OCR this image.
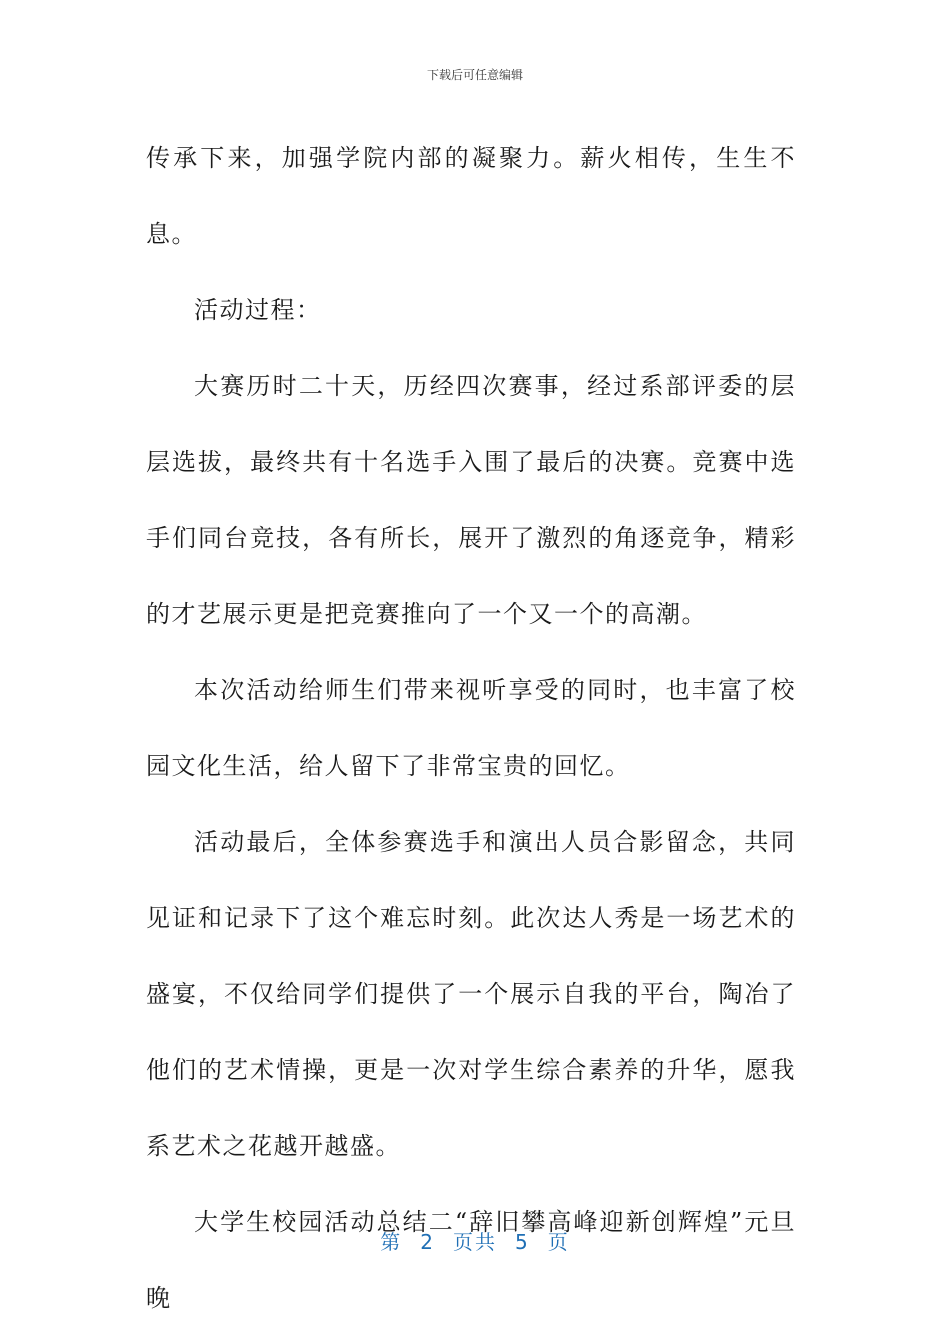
下载后可任意编辑

传承下来，加强学院内部的凝聚力。薪火相传，生生不息。

活动过程：

大赛历时二十天，历经四次赛事，经过系部评委的层层选拔，最终共有十名选手入围了最后的决赛。竞赛中选手们同台竞技，各有所长，展开了激烈的角逐竞争，精彩的才艺展示更是把竞赛推向了一个又一个的高潮。

本次活动给师生们带来视听享受的同时，也丰富了校园文化生活，给人留下了非常宝贵的回忆。

活动最后，全体参赛选手和演出人员合影留念，共同见证和记录下了这个难忘时刻。此次达人秀是一场艺术的盛宴，不仅给同学们提供了一个展示自我的平台，陶冶了他们的艺术情操，更是一次对学生综合素养的升华，愿我系艺术之花越开越盛。

大学生校园活动总结二“辞旧攀高峰迎新创辉煌”元旦晚

第 2 页共 5 页
